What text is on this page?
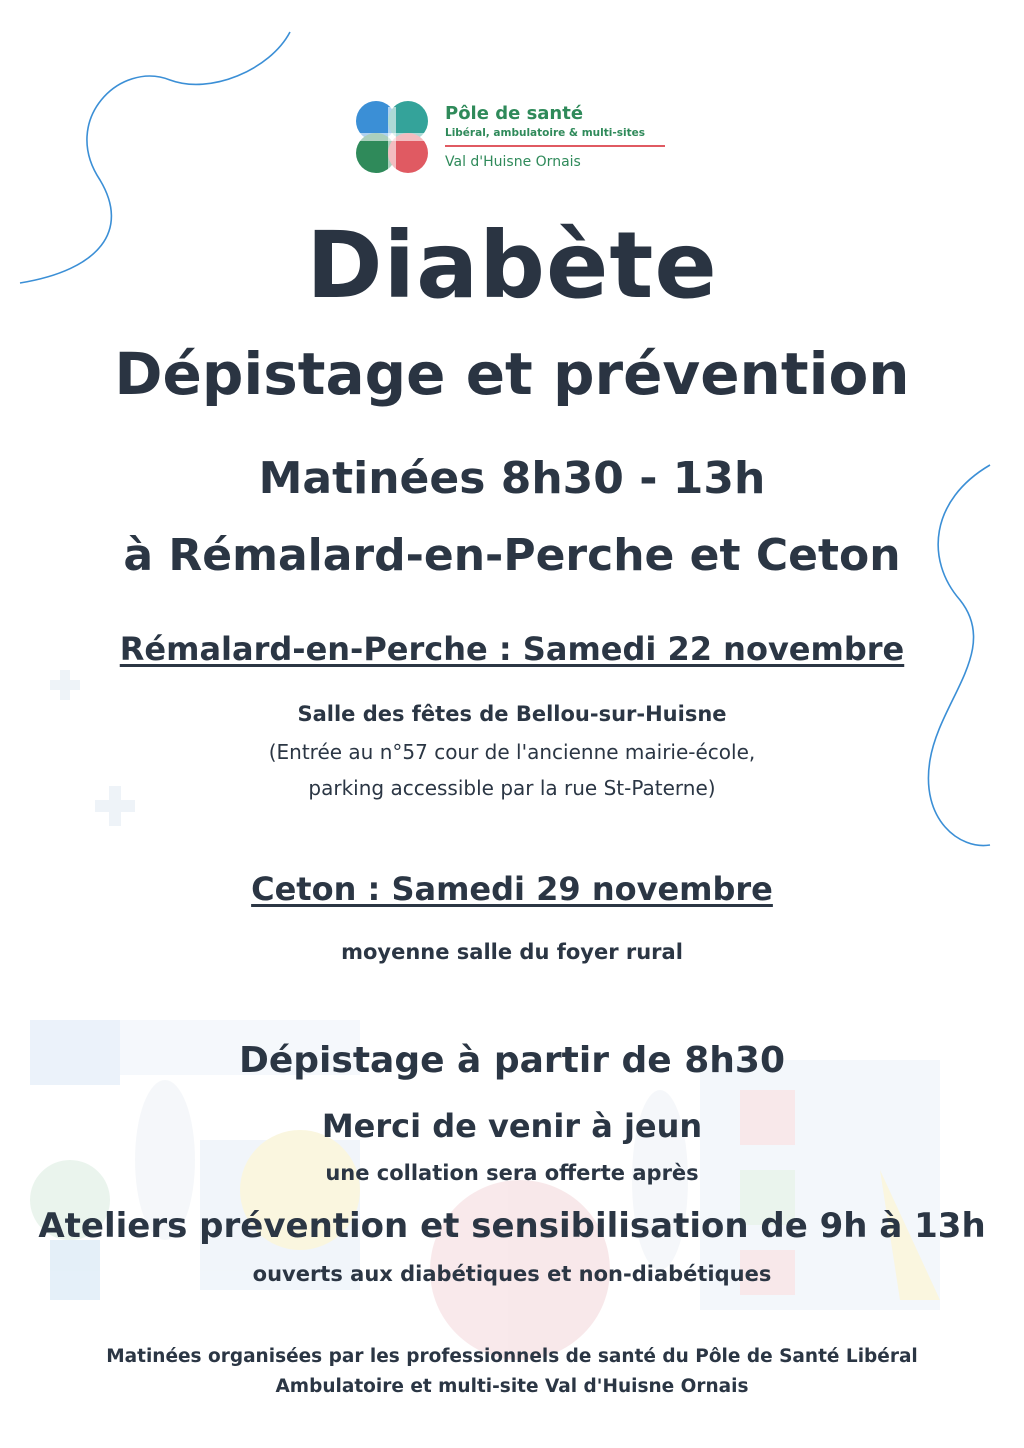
Pôle de santé
Libéral, ambulatoire & multi-sites
Val d'Huisne Ornais
Diabète
Dépistage et prévention
Matinées 8h30 - 13h
à Rémalard-en-Perche et Ceton
Rémalard-en-Perche : Samedi 22 novembre
Salle des fêtes de Bellou-sur-Huisne
(Entrée au n°57 cour de l'ancienne mairie-école,
parking accessible par la rue St-Paterne)
Ceton : Samedi 29 novembre
moyenne salle du foyer rural
Dépistage à partir de 8h30
Merci de venir à jeun
une collation sera offerte après
Ateliers prévention et sensibilisation de 9h à 13h
ouverts aux diabétiques et non-diabétiques
Matinées organisées par les professionnels de santé du Pôle de Santé Libéral
Ambulatoire et multi-site Val d'Huisne Ornais
